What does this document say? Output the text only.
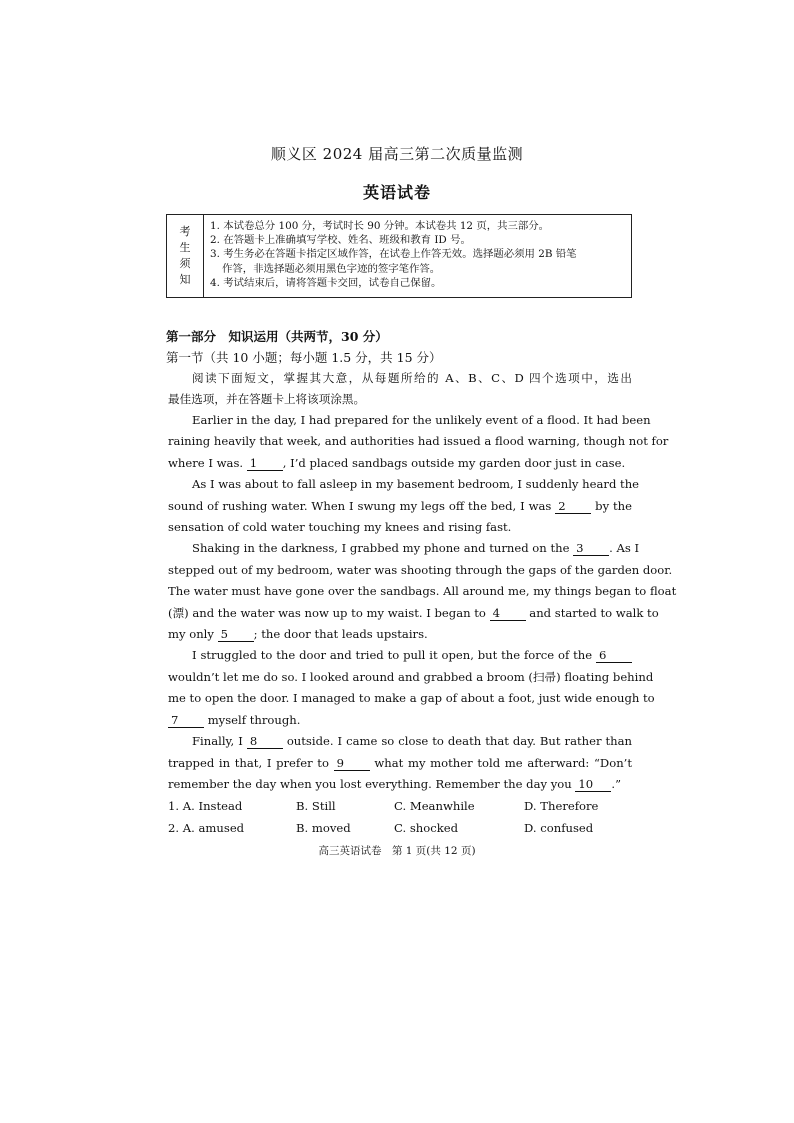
顺义区 2024 届高三第二次质量监测
英语试卷
考
生
须
知
1. 本试卷总分 100 分，考试时长 90 分钟。本试卷共 12 页，共三部分。
2. 在答题卡上准确填写学校、姓名、班级和教育 ID 号。
3. 考生务必在答题卡指定区域作答，在试卷上作答无效。选择题必须用 2B 铅笔
作答，非选择题必须用黑色字迹的签字笔作答。
4. 考试结束后，请将答题卡交回，试卷自己保留。
第一部分　知识运用（共两节，30 分）
第一节（共 10 小题；每小题 1.5 分，共 15 分）
阅读下面短文，掌握其大意，从每题所给的 A、B、C、D 四个选项中，选出
最佳选项，并在答题卡上将该项涂黑。
Earlier in the day, I had prepared for the unlikely event of a flood. It had been
raining heavily that week, and authorities had issued a flood warning, though not for
where I was. 1 , I’d placed sandbags outside my garden door just in case.
As I was about to fall asleep in my basement bedroom, I suddenly heard the
sound of rushing water. When I swung my legs off the bed, I was 2	by the
sensation of cold water touching my knees and rising fast.
Shaking in the darkness, I grabbed my phone and turned on the 3 . As I
stepped out of my bedroom, water was shooting through the gaps of the garden door.
The water must have gone over the sandbags. All around me, my things began to float
(漂) and the water was now up to my waist. I began to 4	and started to walk to
my only 5 ; the door that leads upstairs.
I struggled to the door and tried to pull it open, but the force of the 6
wouldn’t let me do so. I looked around and grabbed a broom (扫帚) floating behind
me to open the door. I managed to make a gap of about a foot, just wide enough to
7	myself through.
Finally, I 8	outside. I came so close to death that day. But rather than
trapped in that, I prefer to 9	what my mother told me afterward: “Don’t
remember the day when you lost everything. Remember the day you 10 .”
1. A. Instead	B. Still	C. Meanwhile	D. Therefore
2. A. amused	B. moved	C. shocked	D. confused
高三英语试卷　第 1 页(共 12 页)
